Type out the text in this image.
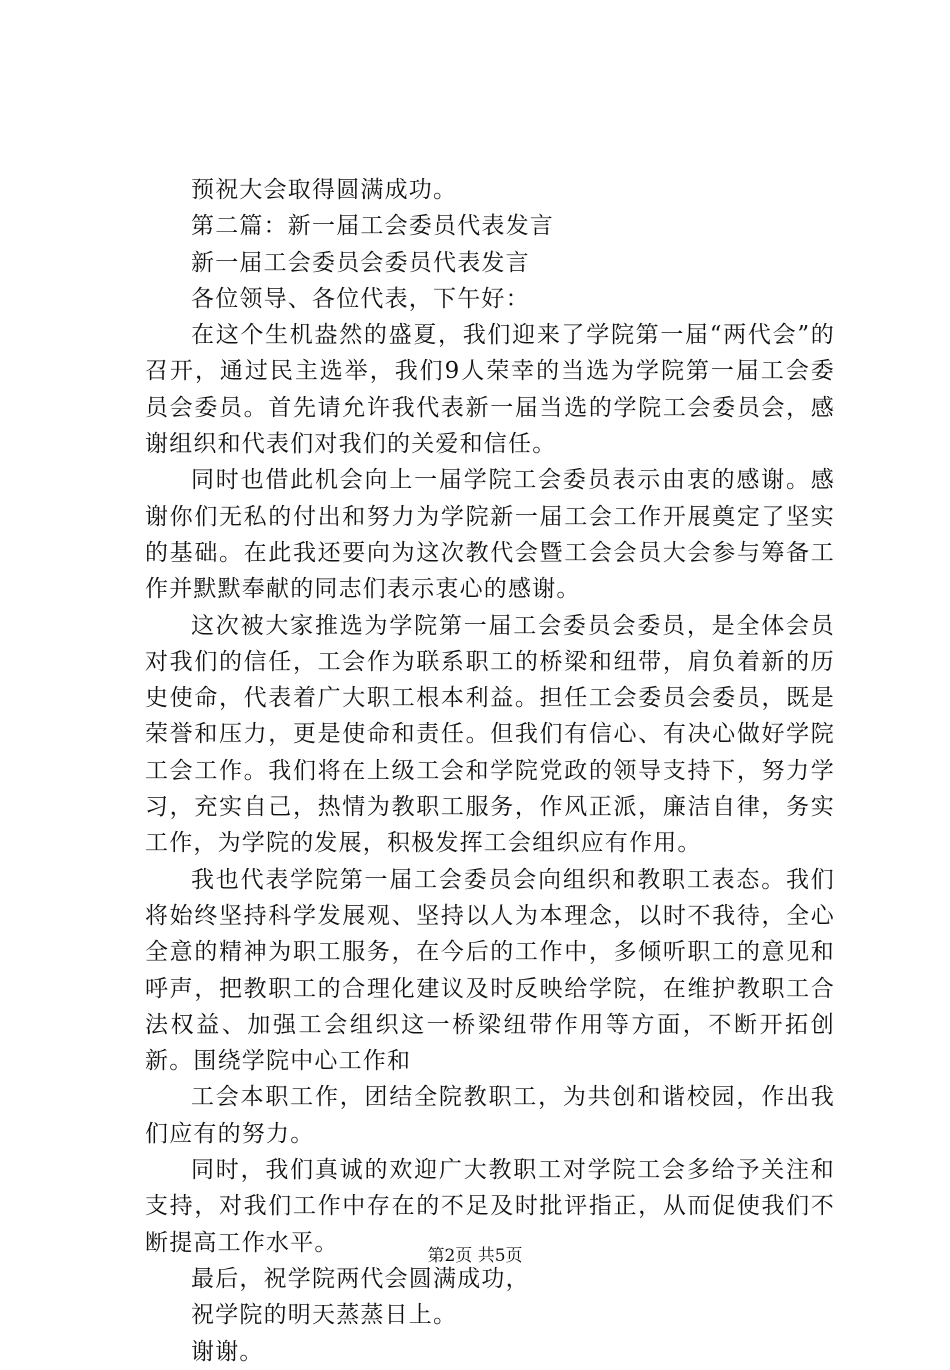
预祝大会取得圆满成功。

第二篇：新一届工会委员代表发言

新一届工会委员会委员代表发言

各位领导、各位代表，下午好：

在这个生机盎然的盛夏，我们迎来了学院第一届“两代会”的召开，通过民主选举，我们9人荣幸的当选为学院第一届工会委员会委员。首先请允许我代表新一届当选的学院工会委员会，感谢组织和代表们对我们的关爱和信任。

同时也借此机会向上一届学院工会委员表示由衷的感谢。感谢你们无私的付出和努力为学院新一届工会工作开展奠定了坚实的基础。在此我还要向为这次教代会暨工会会员大会参与筹备工作并默默奉献的同志们表示衷心的感谢。

这次被大家推选为学院第一届工会委员会委员，是全体会员对我们的信任，工会作为联系职工的桥梁和纽带，肩负着新的历史使命，代表着广大职工根本利益。担任工会委员会委员，既是荣誉和压力，更是使命和责任。但我们有信心、有决心做好学院工会工作。我们将在上级工会和学院党政的领导支持下，努力学习，充实自己，热情为教职工服务，作风正派，廉洁自律，务实工作，为学院的发展，积极发挥工会组织应有作用。

我也代表学院第一届工会委员会向组织和教职工表态。我们将始终坚持科学发展观、坚持以人为本理念，以时不我待，全心全意的精神为职工服务，在今后的工作中，多倾听职工的意见和呼声，把教职工的合理化建议及时反映给学院，在维护教职工合法权益、加强工会组织这一桥梁纽带作用等方面，不断开拓创新。围绕学院中心工作和

工会本职工作，团结全院教职工，为共创和谐校园，作出我们应有的努力。

同时，我们真诚的欢迎广大教职工对学院工会多给予关注和支持，对我们工作中存在的不足及时批评指正，从而促使我们不断提高工作水平。

最后，祝学院两代会圆满成功，

祝学院的明天蒸蒸日上。

谢谢。

第2页 共5页
